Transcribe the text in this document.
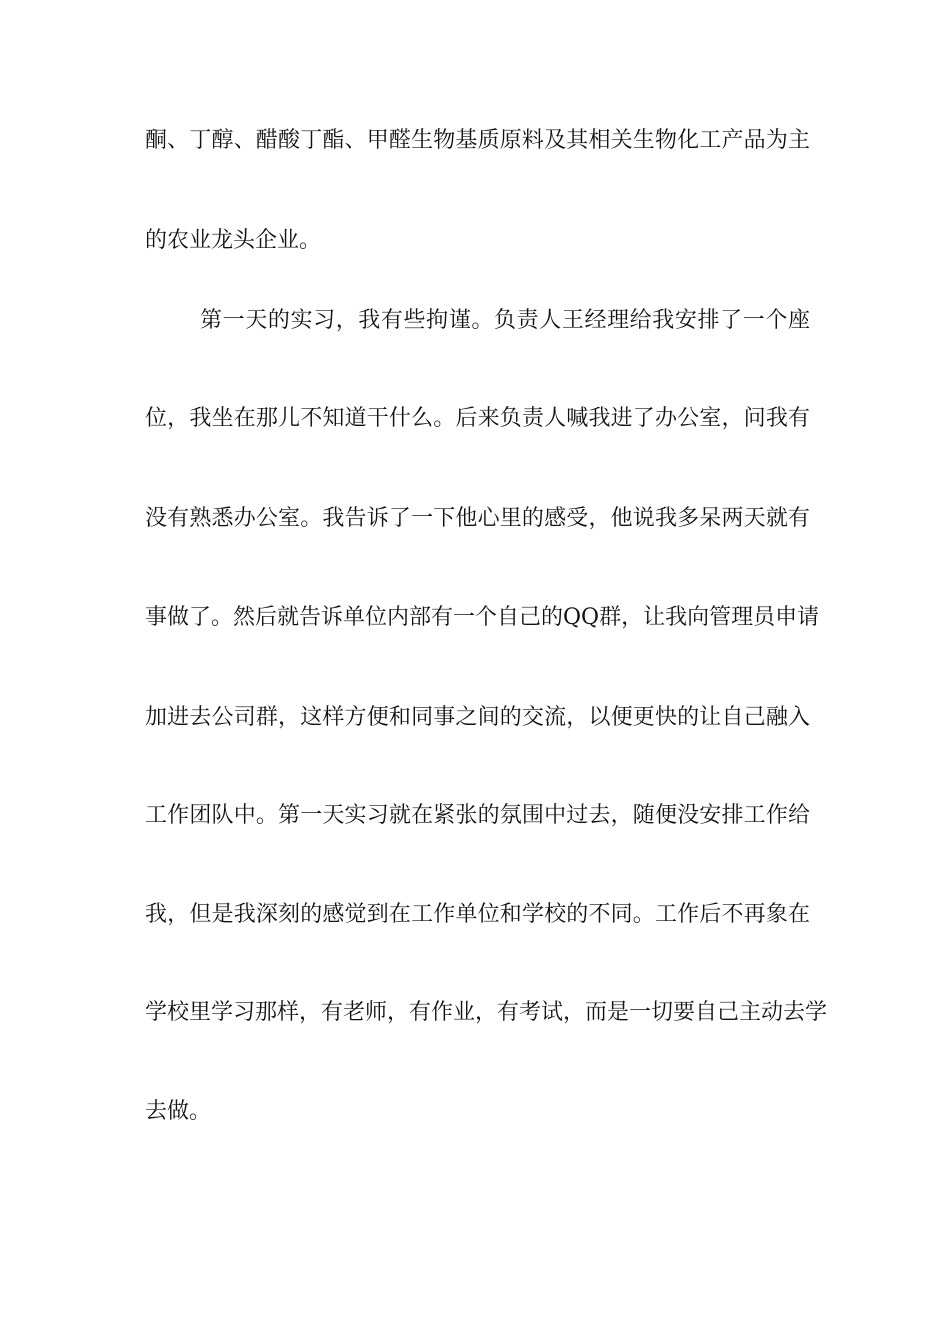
酮、丁醇、醋酸丁酯、甲醛生物基质原料及其相关生物化工产品为主
的农业龙头企业。
第一天的实习，我有些拘谨。负责人王经理给我安排了一个座
位，我坐在那儿不知道干什么。后来负责人喊我进了办公室，问我有
没有熟悉办公室。我告诉了一下他心里的感受，他说我多呆两天就有
事做了。然后就告诉单位内部有一个自己的QQ群，让我向管理员申请
加进去公司群，这样方便和同事之间的交流，以便更快的让自己融入
工作团队中。第一天实习就在紧张的氛围中过去，随便没安排工作给
我，但是我深刻的感觉到在工作单位和学校的不同。工作后不再象在
学校里学习那样，有老师，有作业，有考试，而是一切要自己主动去学
去做。
